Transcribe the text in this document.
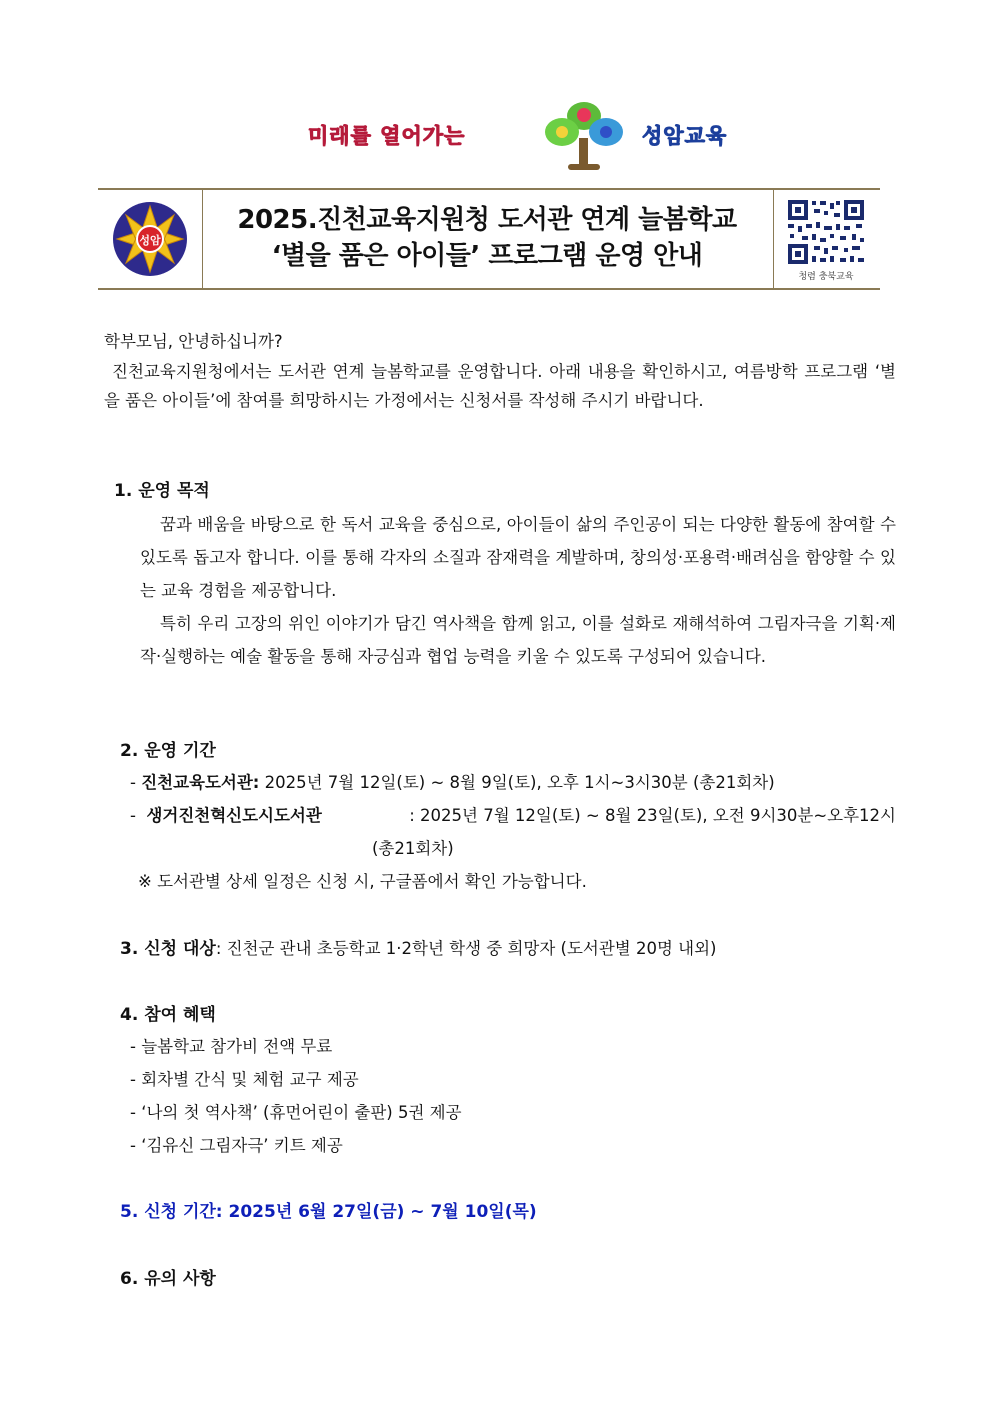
미래를 열어가는	성암교육
성암
2025.진천교육지원청 도서관 연계 늘봄학교
‘별을 품은 아이들’ 프로그램 운영 안내
청렴 충북교육

학부모님, 안녕하십니까?

진천교육지원청에서는 도서관 연계 늘봄학교를 운영합니다. 아래 내용을 확인하시고, 여름방학 프로그램 ‘별을 품은 아이들’에 참여를 희망하시는 가정에서는 신청서를 작성해 주시기 바랍니다.

1. 운영 목적

꿈과 배움을 바탕으로 한 독서 교육을 중심으로, 아이들이 삶의 주인공이 되는 다양한 활동에 참여할 수 있도록 돕고자 합니다. 이를 통해 각자의 소질과 잠재력을 계발하며, 창의성·포용력·배려심을 함양할 수 있는 교육 경험을 제공합니다.

특히 우리 고장의 위인 이야기가 담긴 역사책을 함께 읽고, 이를 설화로 재해석하여 그림자극을 기획·제작·실행하는 예술 활동을 통해 자긍심과 협업 능력을 키울 수 있도록 구성되어 있습니다.

2. 운영 기간
- 진천교육도서관: 2025년 7월 12일(토) ~ 8월 9일(토), 오후 1시~3시30분 (총21회차)
-  생거진천혁신도시도서관	: 2025년 7월 12일(토) ~ 8월 23일(토), 오전 9시30분~오후12시
(총21회차)
※ 도서관별 상세 일정은 신청 시, 구글폼에서 확인 가능합니다.
3. 신청 대상: 진천군 관내 초등학교 1·2학년 학생 중 희망자 (도서관별 20명 내외)
4. 참여 혜택
- 늘봄학교 참가비 전액 무료
- 회차별 간식 및 체험 교구 제공
- ‘나의 첫 역사책’ (휴먼어린이 출판) 5권 제공
- ‘김유신 그림자극’ 키트 제공
5. 신청 기간: 2025년 6월 27일(금) ~ 7월 10일(목)
6. 유의 사항
